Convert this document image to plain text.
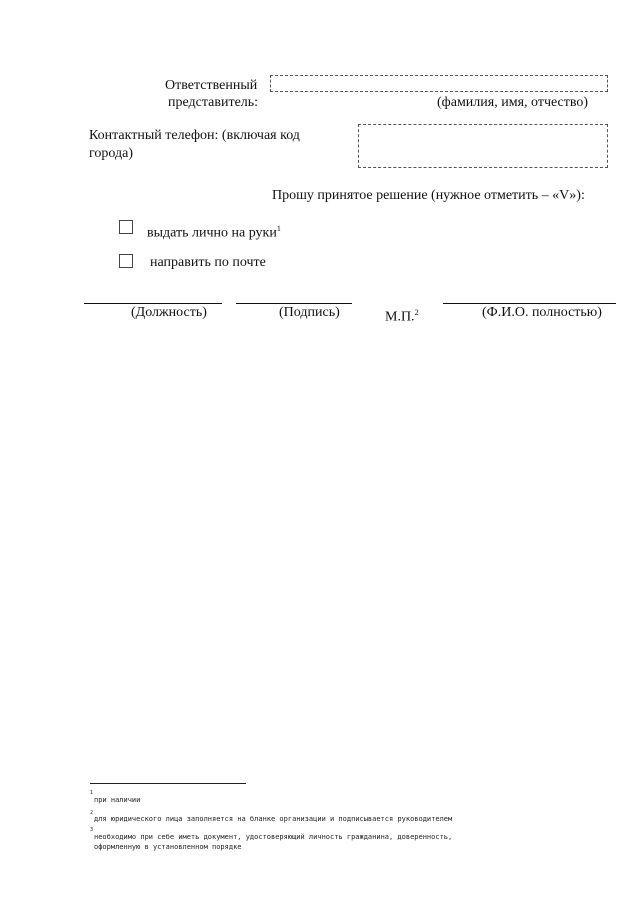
Ответственный
представитель:	(фамилия, имя, отчество)
Контактный телефон: (включая код
города)
Прошу принятое решение (нужное отметить – «V»):
выдать лично на руки$^1$
направить по почте
(Должность)	(Подпись)	М.П.$^2$	(Ф.И.О. полностью)
1
при наличии
2
для юридического лица заполняется на бланке организации и подписывается руководителем
3
необходимо при себе иметь документ, удостоверяющий личность гражданина, доверенность,
оформленную в установленном порядке
